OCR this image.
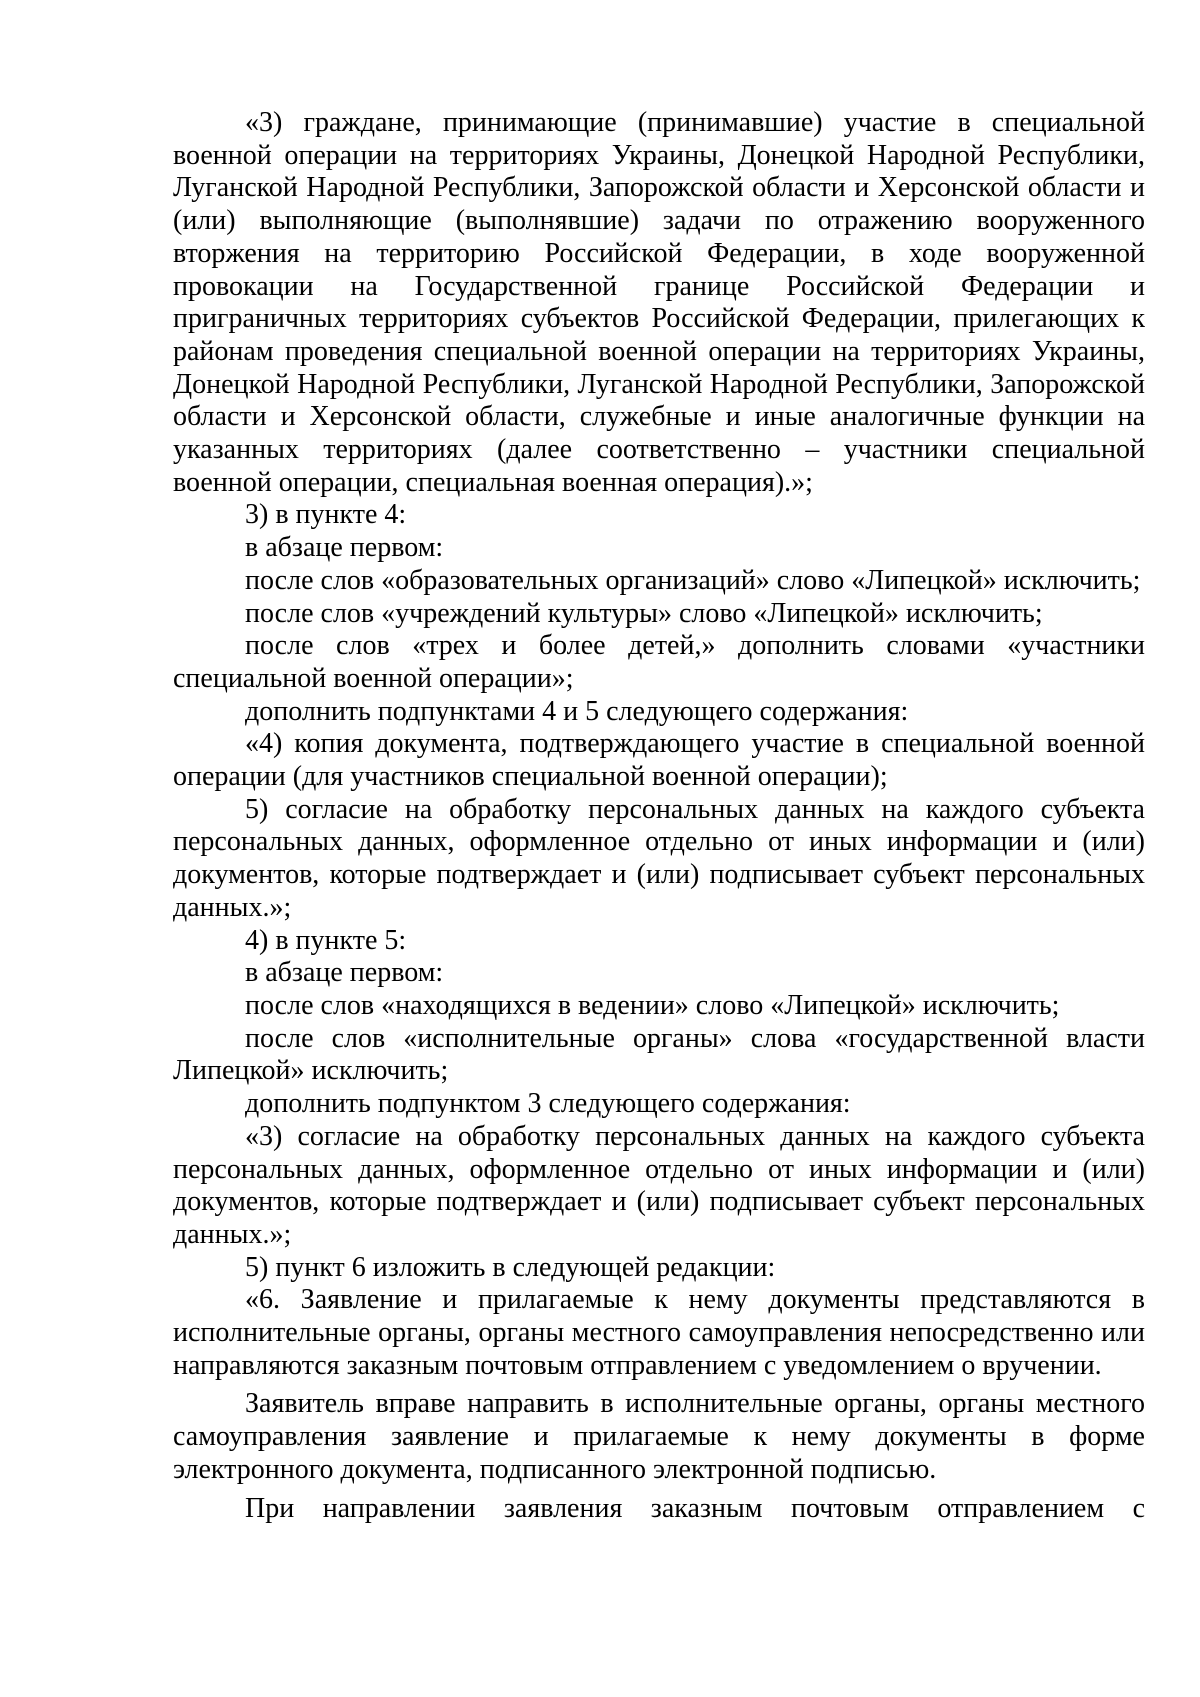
«3) граждане, принимающие (принимавшие) участие в специальной военной операции на территориях Украины, Донецкой Народной Республики, Луганской Народной Республики, Запорожской области и Херсонской области и (или) выполняющие (выполнявшие) задачи по отражению вооруженного вторжения на территорию Российской Федерации, в ходе вооруженной провокации на Государственной границе Российской Федерации и приграничных территориях субъектов Российской Федерации, прилегающих к районам проведения специальной военной операции на территориях Украины, Донецкой Народной Республики, Луганской Народной Республики, Запорожской области и Херсонской области, служебные и иные аналогичные функции на указанных территориях (далее соответственно – участники специальной военной операции, специальная военная операция).»;

3) в пункте 4:

в абзаце первом:

после слов «образовательных организаций» слово «Липецкой» исключить;

после слов «учреждений культуры» слово «Липецкой» исключить;

после слов «трех и более детей,» дополнить словами «участники специальной военной операции»;

дополнить подпунктами 4 и 5 следующего содержания:

«4) копия документа, подтверждающего участие в специальной военной операции (для участников специальной военной операции);

5) согласие на обработку персональных данных на каждого субъекта персональных данных, оформленное отдельно от иных информации и (или) документов, которые подтверждает и (или) подписывает субъект персональных данных.»;

4) в пункте 5:

в абзаце первом:

после слов «находящихся в ведении» слово «Липецкой» исключить;

после слов «исполнительные органы» слова «государственной власти Липецкой» исключить;

дополнить подпунктом 3 следующего содержания:

«3) согласие на обработку персональных данных на каждого субъекта персональных данных, оформленное отдельно от иных информации и (или) документов, которые подтверждает и (или) подписывает субъект персональных данных.»;

5) пункт 6 изложить в следующей редакции:

«6. Заявление и прилагаемые к нему документы представляются в исполнительные органы, органы местного самоуправления непосредственно или направляются заказным почтовым отправлением с уведомлением о вручении.

Заявитель вправе направить в исполнительные органы, органы местного самоуправления заявление и прилагаемые к нему документы в форме электронного документа, подписанного электронной подписью.

При направлении заявления заказным почтовым отправлением с
